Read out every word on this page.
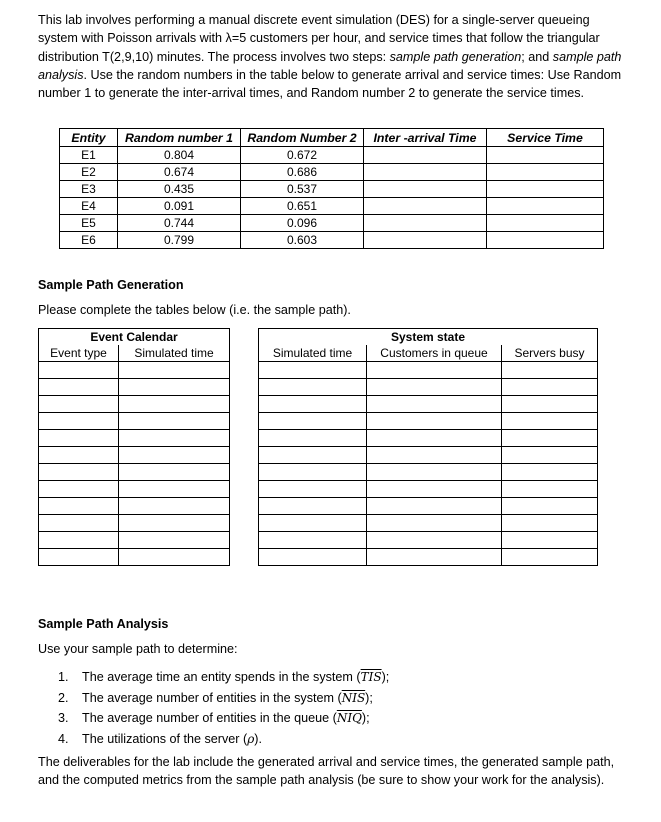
This lab involves performing a manual discrete event simulation (DES) for a single-server queueing system with Poisson arrivals with λ=5 customers per hour, and service times that follow the triangular distribution T(2,9,10) minutes. The process involves two steps: sample path generation; and sample path analysis. Use the random numbers in the table below to generate arrival and service times: Use Random number 1 to generate the inter-arrival times, and Random number 2 to generate the service times.

Entity	Random number 1	Random Number 2	Inter -arrival Time	Service Time
E1	0.804	0.672		
E2	0.674	0.686		
E3	0.435	0.537		
E4	0.091	0.651		
E5	0.744	0.096		
E6	0.799	0.603		

Sample Path Generation

Please complete the tables below (i.e. the sample path).

Event Calendar	
Event type	Simulated time

System state		
Simulated time	Customers in queue	Servers busy

Sample Path Analysis

Use your sample path to determine:

1. The average time an entity spends in the system $(\overline{TIS})$;
2. The average number of entities in the system $(\overline{NIS})$;
3. The average number of entities in the queue $(\overline{NIQ})$;
4. The utilizations of the server (ρ).

The deliverables for the lab include the generated arrival and service times, the generated sample path, and the computed metrics from the sample path analysis (be sure to show your work for the analysis).
